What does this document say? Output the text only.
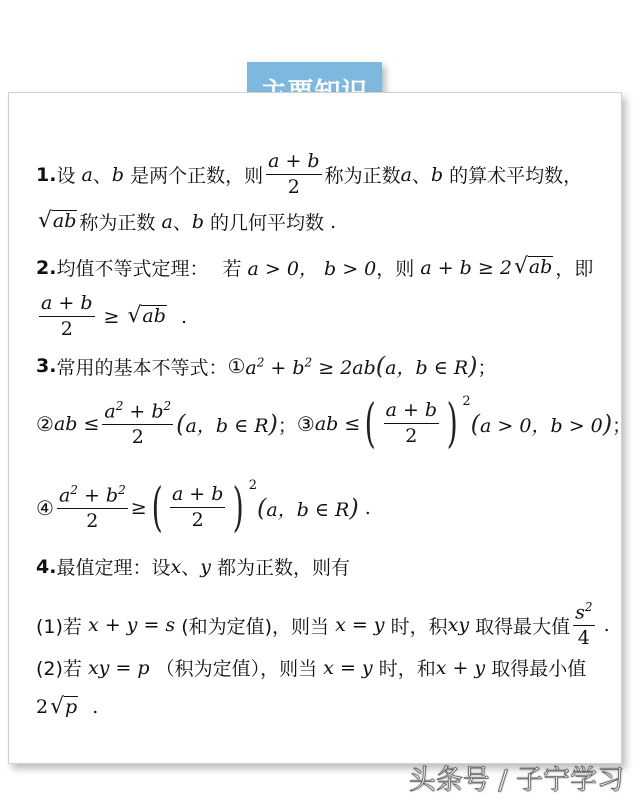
1. 设 a 、 b 是两个正数，则 $\frac{a + b}{2}$ 称为正数 a 、 b 的算术平均数，
√ ab 称为正数 a 、 b 的几何平均数 .
2. 均值不等式定理： 若 a > 0， b > 0 ，则 a + b ≥ 2 √ ab ，即
$\frac{a + b}{2}$ ≥ √ ab .
3. 常用的基本不等式： ① $a^2 + b^2 \ge 2ab(a$，b ∈ R) ；
② ab ≤ $\frac{a^2 + b^2}{2} (a$，b ∈ R) ； ③ ab ≤ ( $\frac{a + b}{2}$ ) 2
(a > 0，b > 0) ；
④ $\frac{a^2 + b^2}{2}$ ≥ ( $\frac{a + b}{2}$ ) 2
(a，b ∈ R) .
4. 最值定理：设 x 、 y 都为正数，则有
(1)若 x + y = s (和为定值)，则当 x = y 时，积 xy 取得最大值 $\frac{s^2}{4}$ .
(2)若 xy = p （积为定值），则当 x = y 时，和 x + y 取得最小值
2 √ p .
头条号 / 子宁学习
